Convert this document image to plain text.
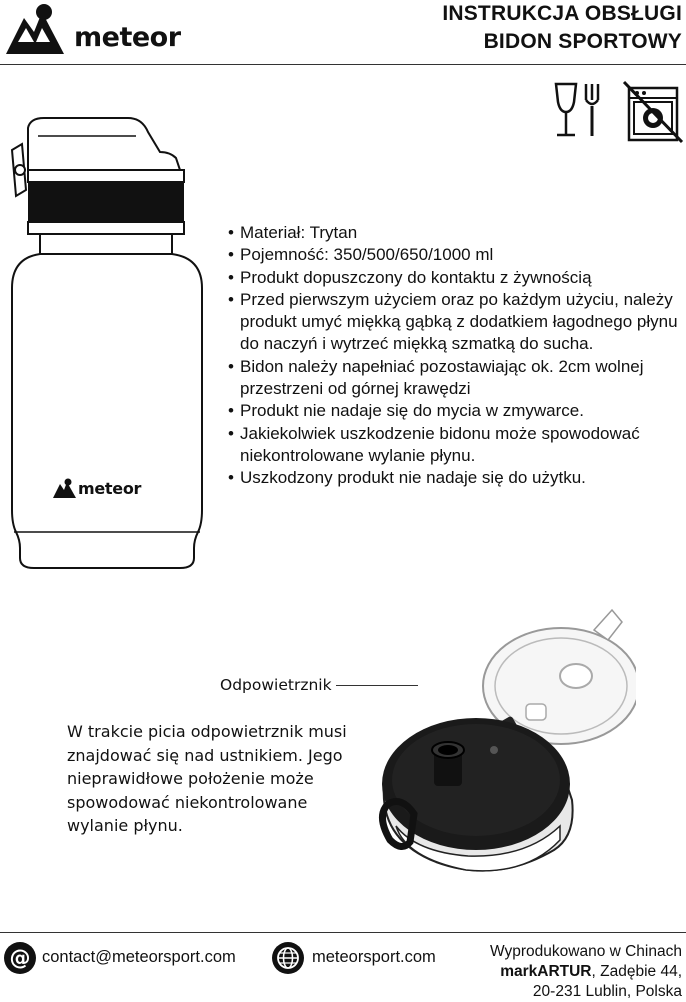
meteor
INSTRUKCJA OBSŁUGI
BIDON SPORTOWY
meteor
• Materiał: Trytan
• Pojemność: 350/500/650/1000 ml
• Produkt dopuszczony do kontaktu z żywnością
• Przed pierwszym użyciem oraz po każdym użyciu, należy produkt umyć miękką gąbką z dodatkiem łagodnego płynu do naczyń i wytrzeć miękką szmatką do sucha.
• Bidon należy napełniać pozostawiając ok. 2cm wolnej przestrzeni od górnej krawędzi
• Produkt nie nadaje się do mycia w zmywarce.
• Jakiekolwiek uszkodzenie bidonu może spowodować niekontrolowane wylanie płynu.
• Uszkodzony produkt nie nadaje się do użytku.
Odpowietrznik
W trakcie picia odpowietrznik musi znajdować się nad ustnikiem. Jego nieprawidłowe położenie może spowodować niekontrolowane wylanie płynu.
@ contact@meteorsport.com	meteorsport.com	Wyprodukowano w Chinach
markARTUR, Zadębie 44,
20-231 Lublin, Polska
